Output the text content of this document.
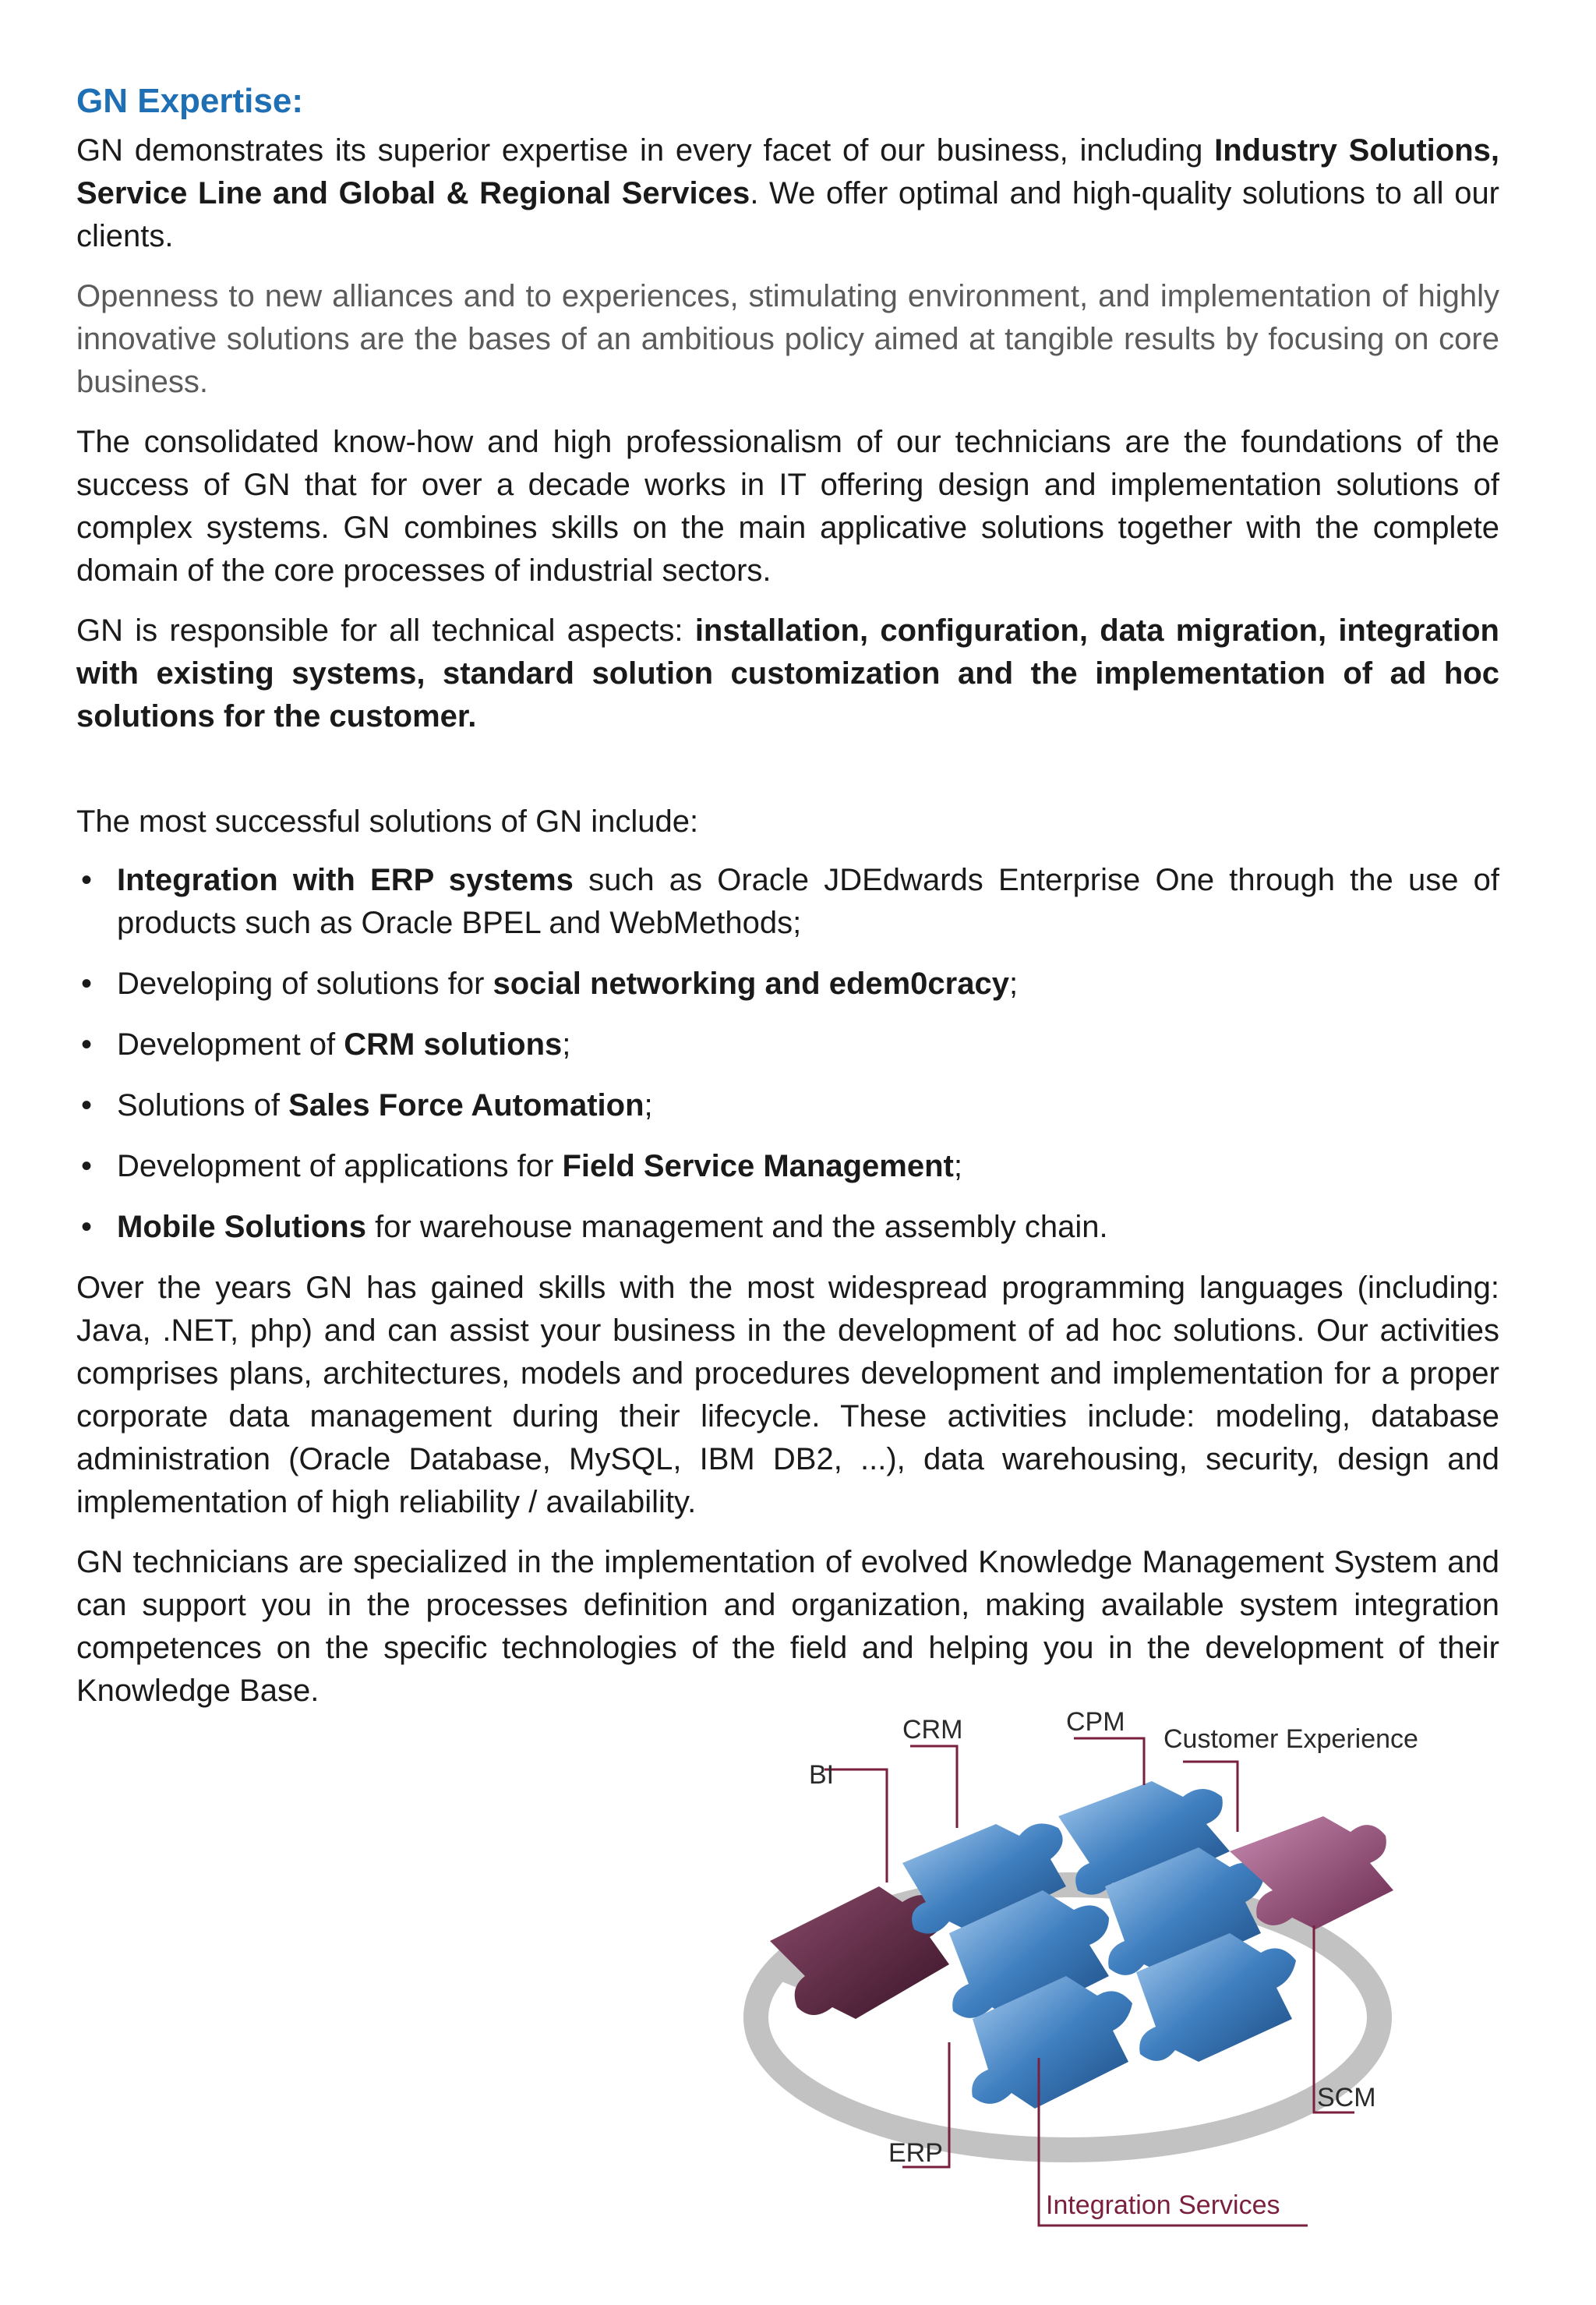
GN Expertise:

GN demonstrates its superior expertise in every facet of our business, including Industry Solutions, Service Line and Global & Regional Services. We offer optimal and high-quality solutions to all our clients.

Openness to new alliances and to experiences, stimulating environment, and implementation of highly innovative solutions are the bases of an ambitious policy aimed at tangible results by focusing on core business.

The consolidated know-how and high professionalism of our technicians are the foundations of the success of GN that for over a decade works in IT offering design and implementation solutions of complex systems. GN combines skills on the main applicative solutions together with the complete domain of the core processes of industrial sectors.

GN is responsible for all technical aspects: installation, configuration, data migration, integration with existing systems, standard solution customization and the implementation of ad hoc solutions for the customer.

The most successful solutions of GN include:

• Integration with ERP systems such as Oracle JDEdwards Enterprise One through the use of products such as Oracle BPEL and WebMethods;
• Developing of solutions for social networking and edem0cracy;
• Development of CRM solutions;
• Solutions of Sales Force Automation;
• Development of applications for Field Service Management;
• Mobile Solutions for warehouse management and the assembly chain.

Over the years GN has gained skills with the most widespread programming languages (including: Java, .NET, php) and can assist your business in the development of ad hoc solutions. Our activities comprises plans, architectures, models and procedures development and implementation for a proper corporate data management during their lifecycle. These activities include: modeling, database administration (Oracle Database, MySQL, IBM DB2, ...), data warehousing, security, design and implementation of high reliability / availability.

GN technicians are specialized in the implementation of evolved Knowledge Management System and can support you in the processes definition and organization, making available system integration competences on the specific technologies of the field and helping you in the development of their Knowledge Base.

BI
CRM	CPM
Customer Experience
SCM
ERP
Integration Services
